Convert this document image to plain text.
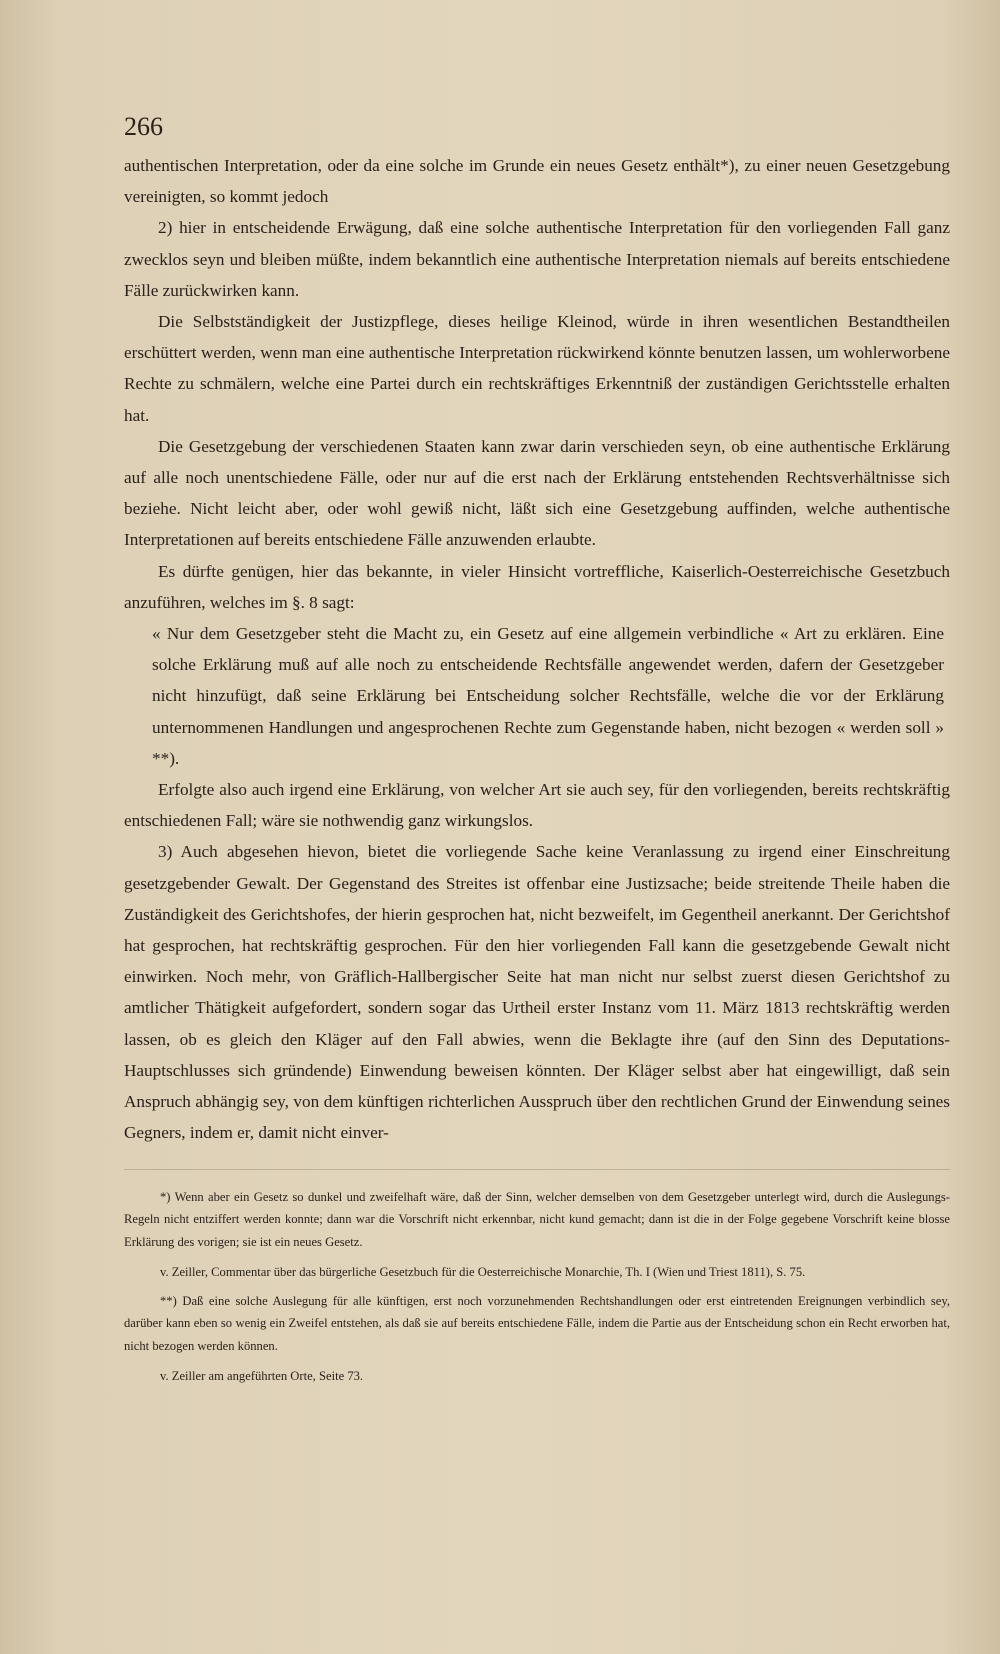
266

authentischen Interpretation, oder da eine solche im Grunde ein neues Gesetz enthält*), zu einer neuen Gesetzgebung vereinigten, so kommt jedoch

2) hier in entscheidende Erwägung, daß eine solche authentische Interpretation für den vorliegenden Fall ganz zwecklos seyn und bleiben müßte, indem bekanntlich eine authentische Interpretation niemals auf bereits entschiedene Fälle zurückwirken kann.

Die Selbstständigkeit der Justizpflege, dieses heilige Kleinod, würde in ihren wesentlichen Bestandtheilen erschüttert werden, wenn man eine authentische Interpretation rückwirkend könnte benutzen lassen, um wohlerworbene Rechte zu schmälern, welche eine Partei durch ein rechtskräftiges Erkenntniß der zuständigen Gerichtsstelle erhalten hat.

Die Gesetzgebung der verschiedenen Staaten kann zwar darin verschieden seyn, ob eine authentische Erklärung auf alle noch unentschiedene Fälle, oder nur auf die erst nach der Erklärung entstehenden Rechtsverhältnisse sich beziehe. Nicht leicht aber, oder wohl gewiß nicht, läßt sich eine Gesetzgebung auffinden, welche authentische Interpretationen auf bereits entschiedene Fälle anzuwenden erlaubte.

Es dürfte genügen, hier das bekannte, in vieler Hinsicht vortreffliche, Kaiserlich-Oesterreichische Gesetzbuch anzuführen, welches im §. 8 sagt:

« Nur dem Gesetzgeber steht die Macht zu, ein Gesetz auf eine allgemein verbindliche « Art zu erklären. Eine solche Erklärung muß auf alle noch zu entscheidende Rechtsfälle angewendet werden, dafern der Gesetzgeber nicht hinzufügt, daß seine Erklärung bei Entscheidung solcher Rechtsfälle, welche die vor der Erklärung unternommenen Handlungen und angesprochenen Rechte zum Gegenstande haben, nicht bezogen « werden soll » **).

Erfolgte also auch irgend eine Erklärung, von welcher Art sie auch sey, für den vorliegenden, bereits rechtskräftig entschiedenen Fall; wäre sie nothwendig ganz wirkungslos.

3) Auch abgesehen hievon, bietet die vorliegende Sache keine Veranlassung zu irgend einer Einschreitung gesetzgebender Gewalt. Der Gegenstand des Streites ist offenbar eine Justizsache; beide streitende Theile haben die Zuständigkeit des Gerichtshofes, der hierin gesprochen hat, nicht bezweifelt, im Gegentheil anerkannt. Der Gerichtshof hat gesprochen, hat rechtskräftig gesprochen. Für den hier vorliegenden Fall kann die gesetzgebende Gewalt nicht einwirken. Noch mehr, von Gräflich-Hallbergischer Seite hat man nicht nur selbst zuerst diesen Gerichtshof zu amtlicher Thätigkeit aufgefordert, sondern sogar das Urtheil erster Instanz vom 11. März 1813 rechtskräftig werden lassen, ob es gleich den Kläger auf den Fall abwies, wenn die Beklagte ihre (auf den Sinn des Deputations-Hauptschlusses sich gründende) Einwendung beweisen könnten. Der Kläger selbst aber hat eingewilligt, daß sein Anspruch abhängig sey, von dem künftigen richterlichen Ausspruch über den rechtlichen Grund der Einwendung seines Gegners, indem er, damit nicht einver-

*) Wenn aber ein Gesetz so dunkel und zweifelhaft wäre, daß der Sinn, welcher demselben von dem Gesetzgeber unterlegt wird, durch die Auslegungs-Regeln nicht entziffert werden konnte; dann war die Vorschrift nicht erkennbar, nicht kund gemacht; dann ist die in der Folge gegebene Vorschrift keine blosse Erklärung des vorigen; sie ist ein neues Gesetz.

v. Zeiller, Commentar über das bürgerliche Gesetzbuch für die Oesterreichische Monarchie, Th. I (Wien und Triest 1811), S. 75.

**) Daß eine solche Auslegung für alle künftigen, erst noch vorzunehmenden Rechtshandlungen oder erst eintretenden Ereignungen verbindlich sey, darüber kann eben so wenig ein Zweifel entstehen, als daß sie auf bereits entschiedene Fälle, indem die Partie aus der Entscheidung schon ein Recht erworben hat, nicht bezogen werden können.

v. Zeiller am angeführten Orte, Seite 73.
